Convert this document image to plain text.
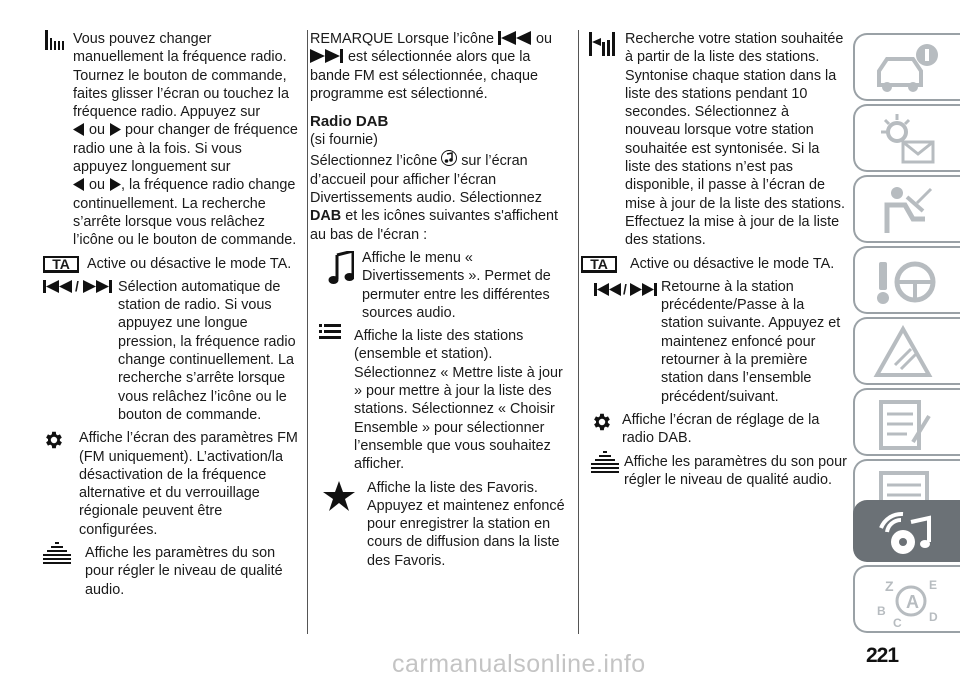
Vous pouvez changer

manuellement la fréquence radio. Tournez le bouton de commande, faites glisser l’écran ou touchez la fréquence radio. Appuyez sur
ou pour changer de fréquence radio une à la fois. Si vous appuyez longuement sur
ou , la fréquence radio change continuellement. La recherche s’arrête lorsque vous relâchez l’icône ou le bouton de commande.
TA	Active ou désactive le mode TA.

/	Sélection automatique de station de radio. Si vous appuyez une longue pression, la fréquence radio change continuellement. La recherche s’arrête lorsque vous relâchez l’icône ou le bouton de commande.

Affiche l’écran des paramètres FM (FM uniquement). L’activation/la désactivation de la fréquence alternative et du verrouillage régionale peuvent être configurées.

Affiche les paramètres du son pour régler le niveau de qualité audio.

REMARQUE Lorsque l’icône	ou
est sélectionnée alors que la bande FM est sélectionnée, chaque programme est sélectionné.

Radio DAB

(si fournie)

Sélectionnez l’icône sur l’écran d’accueil pour afficher l’écran Divertissements audio. Sélectionnez
DAB et les icônes suivantes s'affichent au bas de l'écran :

Affiche le menu « Divertissements ». Permet de permuter entre les différentes sources audio.

Affiche la liste des stations (ensemble et station). Sélectionnez « Mettre liste à jour » pour mettre à jour la liste des stations. Sélectionnez « Choisir Ensemble » pour sélectionner l’ensemble que vous souhaitez afficher.

Affiche la liste des Favoris. Appuyez et maintenez enfoncé pour enregistrer la station en cours de diffusion dans la liste des Favoris.

Recherche votre station souhaitée à partir de la liste des stations. Syntonise chaque station dans la liste des stations pendant 10 secondes. Sélectionnez à nouveau lorsque votre station souhaitée est syntonisée. Si la liste des stations n’est pas disponible, il passe à l’écran de mise à jour de la liste des stations. Effectuez la mise à jour de la liste des stations.

TA	Active ou désactive le mode TA.

/ Retourne à la station précédente/Passe à la station suivante. Appuyez et maintenez enfoncé pour retourner à la première station dans l’ensemble précédent/suivant.

Affiche l’écran de réglage de la radio DAB.

Affiche les paramètres du son pour régler le niveau de qualité audio.

Z	E
B A
C D
221
carmanualsonline.info
